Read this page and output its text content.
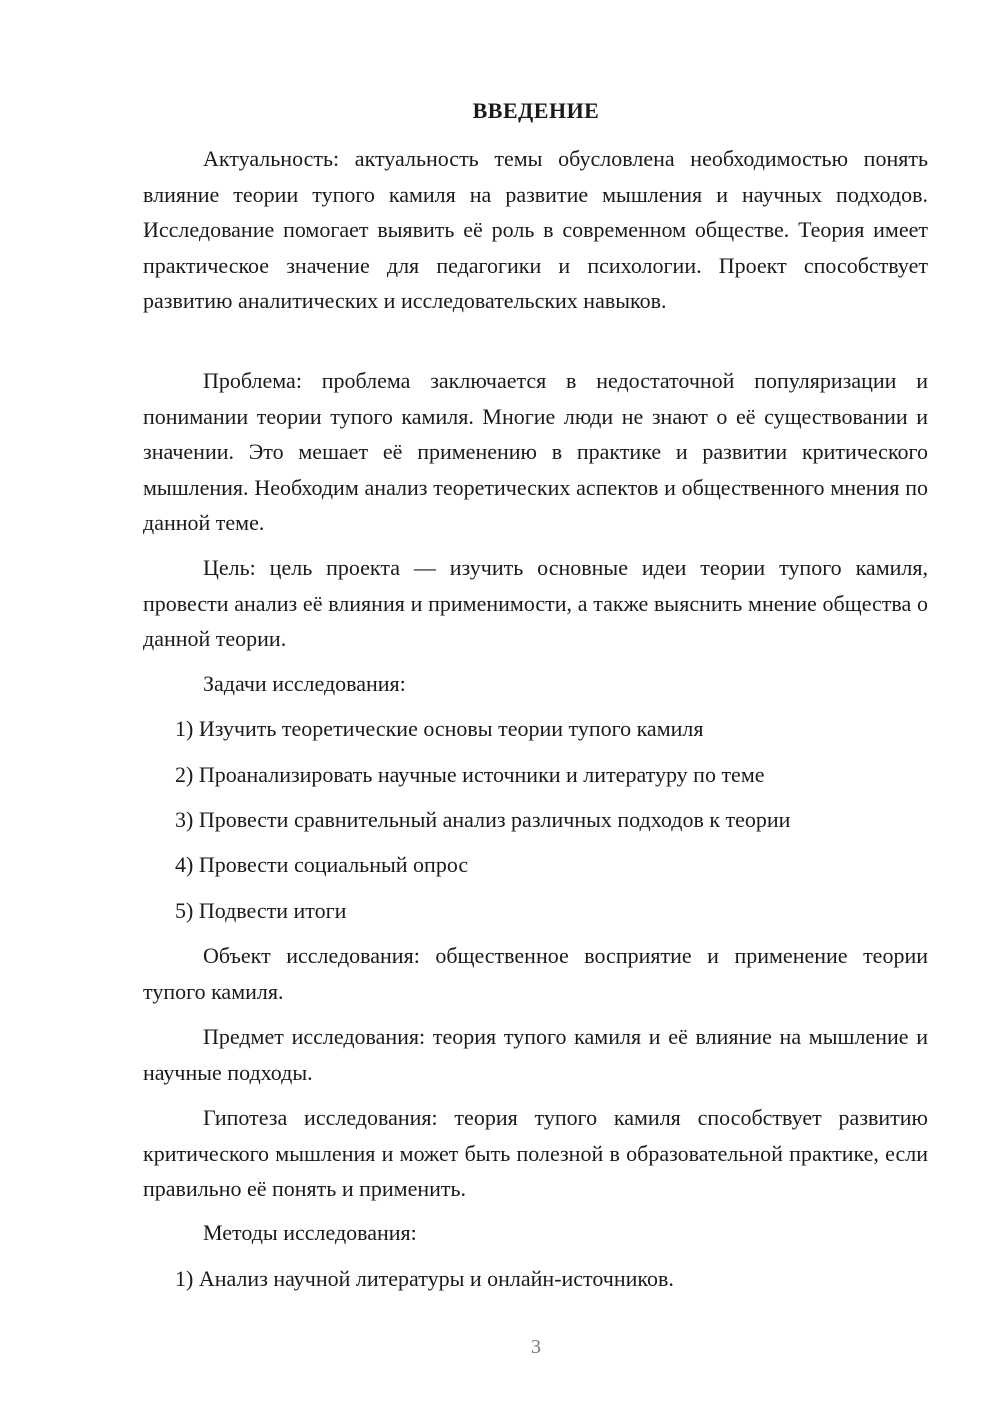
ВВЕДЕНИЕ

Актуальность: актуальность темы обусловлена необходимостью понять влияние теории тупого камиля на развитие мышления и научных подходов. Исследование помогает выявить её роль в современном обществе. Теория имеет практическое значение для педагогики и психологии. Проект способствует развитию аналитических и исследовательских навыков.

Проблема: проблема заключается в недостаточной популяризации и понимании теории тупого камиля. Многие люди не знают о её существовании и значении. Это мешает её применению в практике и развитии критического мышления. Необходим анализ теоретических аспектов и общественного мнения по данной теме.

Цель: цель проекта — изучить основные идеи теории тупого камиля, провести анализ её влияния и применимости, а также выяснить мнение общества о данной теории.

Задачи исследования:

1) Изучить теоретические основы теории тупого камиля

2) Проанализировать научные источники и литературу по теме

3) Провести сравнительный анализ различных подходов к теории

4) Провести социальный опрос

5) Подвести итоги

Объект исследования: общественное восприятие и применение теории тупого камиля.

Предмет исследования: теория тупого камиля и её влияние на мышление и научные подходы.

Гипотеза исследования: теория тупого камиля способствует развитию критического мышления и может быть полезной в образовательной практике, если правильно её понять и применить.

Методы исследования:

1) Анализ научной литературы и онлайн-источников.

3
